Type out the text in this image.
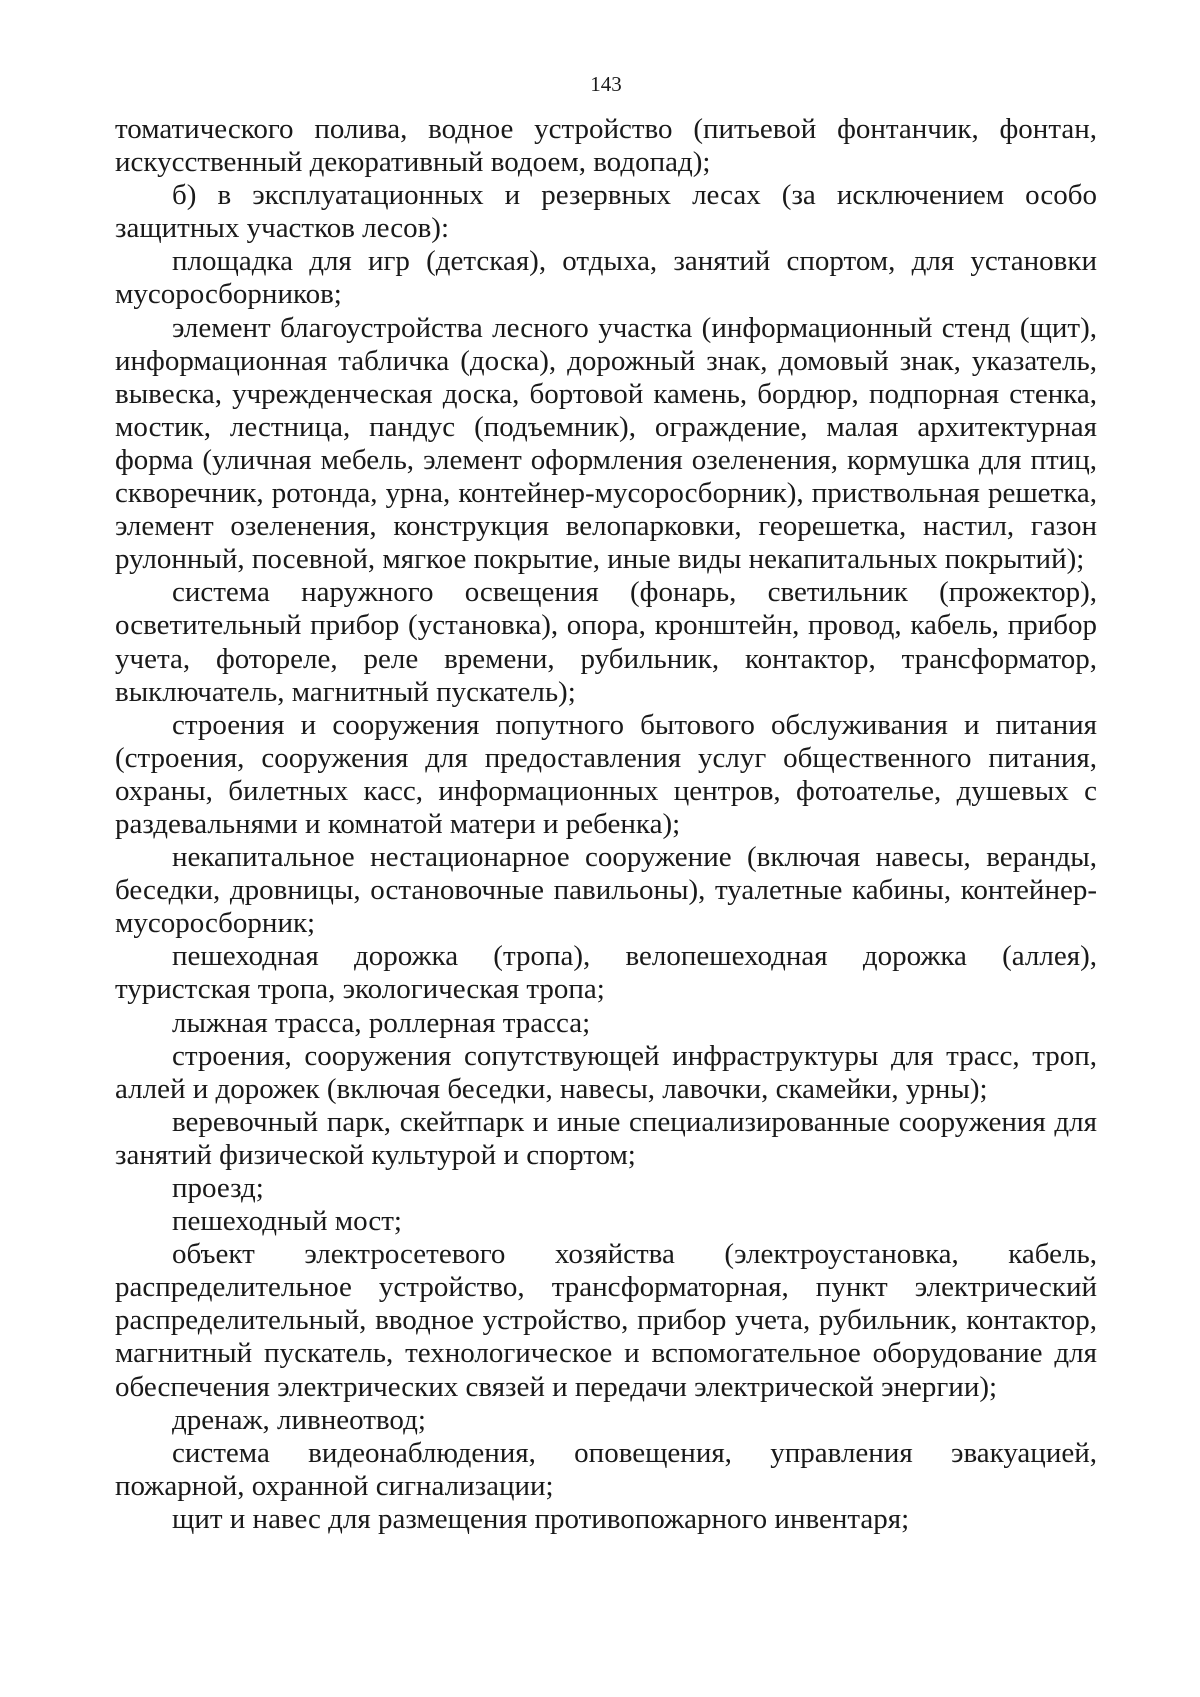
143

томатического полива, водное устройство (питьевой фонтанчик, фонтан, искусственный декоративный водоем, водопад);

б) в эксплуатационных и резервных лесах (за исключением особо защитных участков лесов):

площадка для игр (детская), отдыха, занятий спортом, для установки мусоросборников;

элемент благоустройства лесного участка (информационный стенд (щит), информационная табличка (доска), дорожный знак, домовый знак, указатель, вывеска, учрежденческая доска, бортовой камень, бордюр, подпорная стенка, мостик, лестница, пандус (подъемник), ограждение, малая архитектурная форма (уличная мебель, элемент оформления озеленения, кормушка для птиц, скворечник, ротонда, урна, контейнер-мусоросборник), приствольная решетка, элемент озеленения, конструкция велопарковки, георешетка, настил, газон рулонный, посевной, мягкое покрытие, иные виды некапитальных покрытий);

система наружного освещения (фонарь, светильник (прожектор), осветительный прибор (установка), опора, кронштейн, провод, кабель, прибор учета, фотореле, реле времени, рубильник, контактор, трансформатор, выключатель, магнитный пускатель);

строения и сооружения попутного бытового обслуживания и питания (строения, сооружения для предоставления услуг общественного питания, охраны, билетных касс, информационных центров, фотоателье, душевых с раздевальнями и комнатой матери и ребенка);

некапитальное нестационарное сооружение (включая навесы, веранды, беседки, дровницы, остановочные павильоны), туалетные кабины, контейнер-мусоросборник;

пешеходная дорожка (тропа), велопешеходная дорожка (аллея), туристская тропа, экологическая тропа;

лыжная трасса, роллерная трасса;

строения, сооружения сопутствующей инфраструктуры для трасс, троп, аллей и дорожек (включая беседки, навесы, лавочки, скамейки, урны);

веревочный парк, скейтпарк и иные специализированные сооружения для занятий физической культурой и спортом;

проезд;

пешеходный мост;

объект электросетевого хозяйства (электроустановка, кабель, распределительное устройство, трансформаторная, пункт электрический распределительный, вводное устройство, прибор учета, рубильник, контактор, магнитный пускатель, технологическое и вспомогательное оборудование для обеспечения электрических связей и передачи электрической энергии);

дренаж, ливнеотвод;

система видеонаблюдения, оповещения, управления эвакуацией, пожарной, охранной сигнализации;

щит и навес для размещения противопожарного инвентаря;
